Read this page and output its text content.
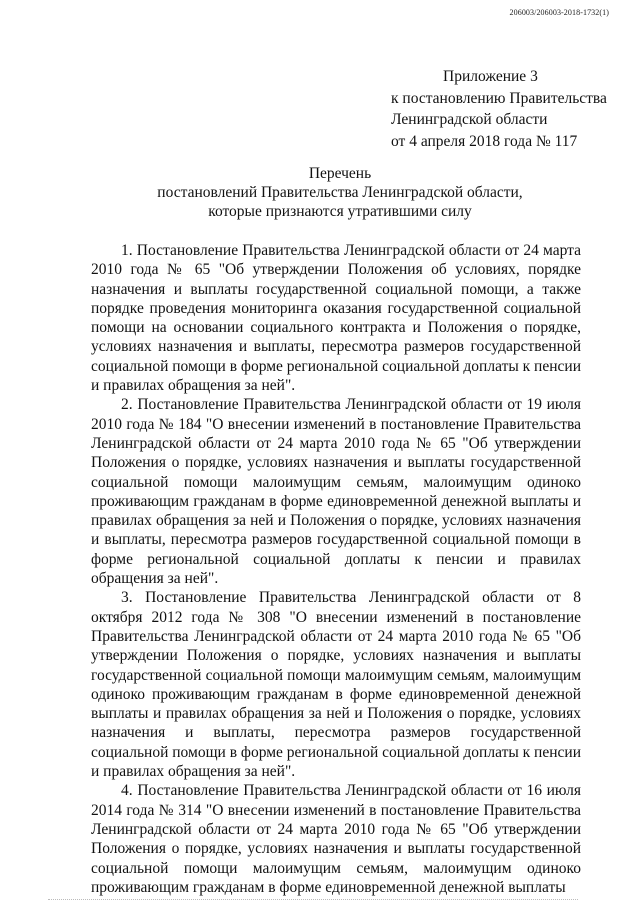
206003/206003-2018-1732(1)
Приложение 3
к постановлению Правительства
Ленинградской области
от 4 апреля 2018 года № 117
Перечень
постановлений Правительства Ленинградской области,
которые признаются утратившими силу

1. Постановление Правительства Ленинградской области от 24 марта 2010 года № 65 "Об утверждении Положения об условиях, порядке назначения и выплаты государственной социальной помощи, а также порядке проведения мониторинга оказания государственной социальной помощи на основании социального контракта и Положения о порядке, условиях назначения и выплаты, пересмотра размеров государственной социальной помощи в форме региональной социальной доплаты к пенсии и правилах обращения за ней".

2. Постановление Правительства Ленинградской области от 19 июля 2010 года № 184 "О внесении изменений в постановление Правительства Ленинградской области от 24 марта 2010 года № 65 "Об утверждении Положения о порядке, условиях назначения и выплаты государственной социальной помощи малоимущим семьям, малоимущим одиноко проживающим гражданам в форме единовременной денежной выплаты и правилах обращения за ней и Положения о порядке, условиях назначения и выплаты, пересмотра размеров государственной социальной помощи в форме региональной социальной доплаты к пенсии и правилах обращения за ней".

3. Постановление Правительства Ленинградской области от 8 октября 2012 года № 308 "О внесении изменений в постановление Правительства Ленинградской области от 24 марта 2010 года № 65 "Об утверждении Положения о порядке, условиях назначения и выплаты государственной социальной помощи малоимущим семьям, малоимущим одиноко проживающим гражданам в форме единовременной денежной выплаты и правилах обращения за ней и Положения о порядке, условиях назначения и выплаты, пересмотра размеров государственной социальной помощи в форме региональной социальной доплаты к пенсии и правилах обращения за ней".

4. Постановление Правительства Ленинградской области от 16 июля 2014 года № 314 "О внесении изменений в постановление Правительства Ленинградской области от 24 марта 2010 года № 65 "Об утверждении Положения о порядке, условиях назначения и выплаты государственной социальной помощи малоимущим семьям, малоимущим одиноко проживающим гражданам в форме единовременной денежной выплаты
